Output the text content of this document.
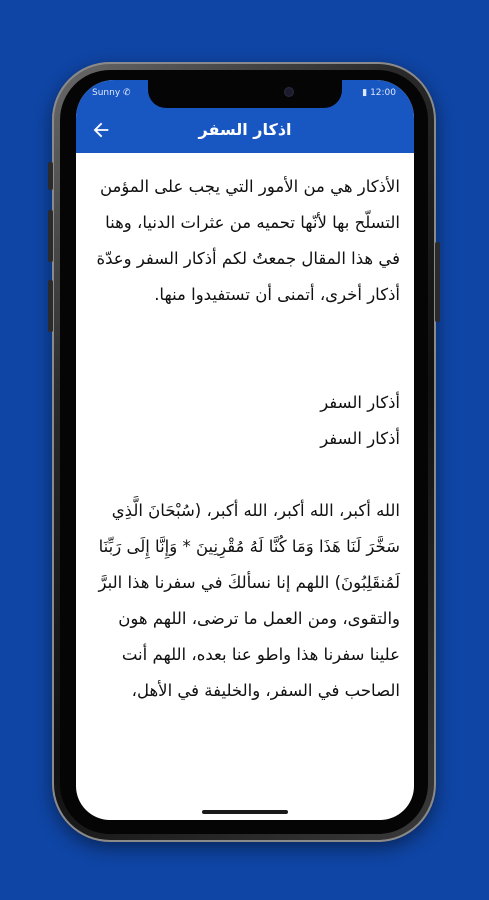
Sunny ✆	▮ 12:00
اذكار السفر

الأذكار هي من الأمور التي يجب على المؤمن التسلّح بها لأنّها تحميه من عثرات الدنيا، وهنا في هذا المقال جمعتُ لكم أذكار السفر وعدّة أذكار أخرى، أتمنى أن تستفيدوا منها.

أذكار السفر

أذكار السفر

الله أكبر، الله أكبر، الله أكبر، (سُبْحَانَ الَّذِي سَخَّرَ لَنَا هَذَا وَمَا كُنَّا لَهُ مُقْرِنِينَ * وَإِنَّا إِلَى رَبِّنَا لَمُنقَلِبُونَ) اللهم إنا نسألكَ في سفرنا هذا البرَّ والتقوى، ومن العمل ما ترضى، اللهم هون علينا سفرنا هذا واطو عنا بعده، اللهم أنت الصاحب في السفر، والخليفة في الأهل،
